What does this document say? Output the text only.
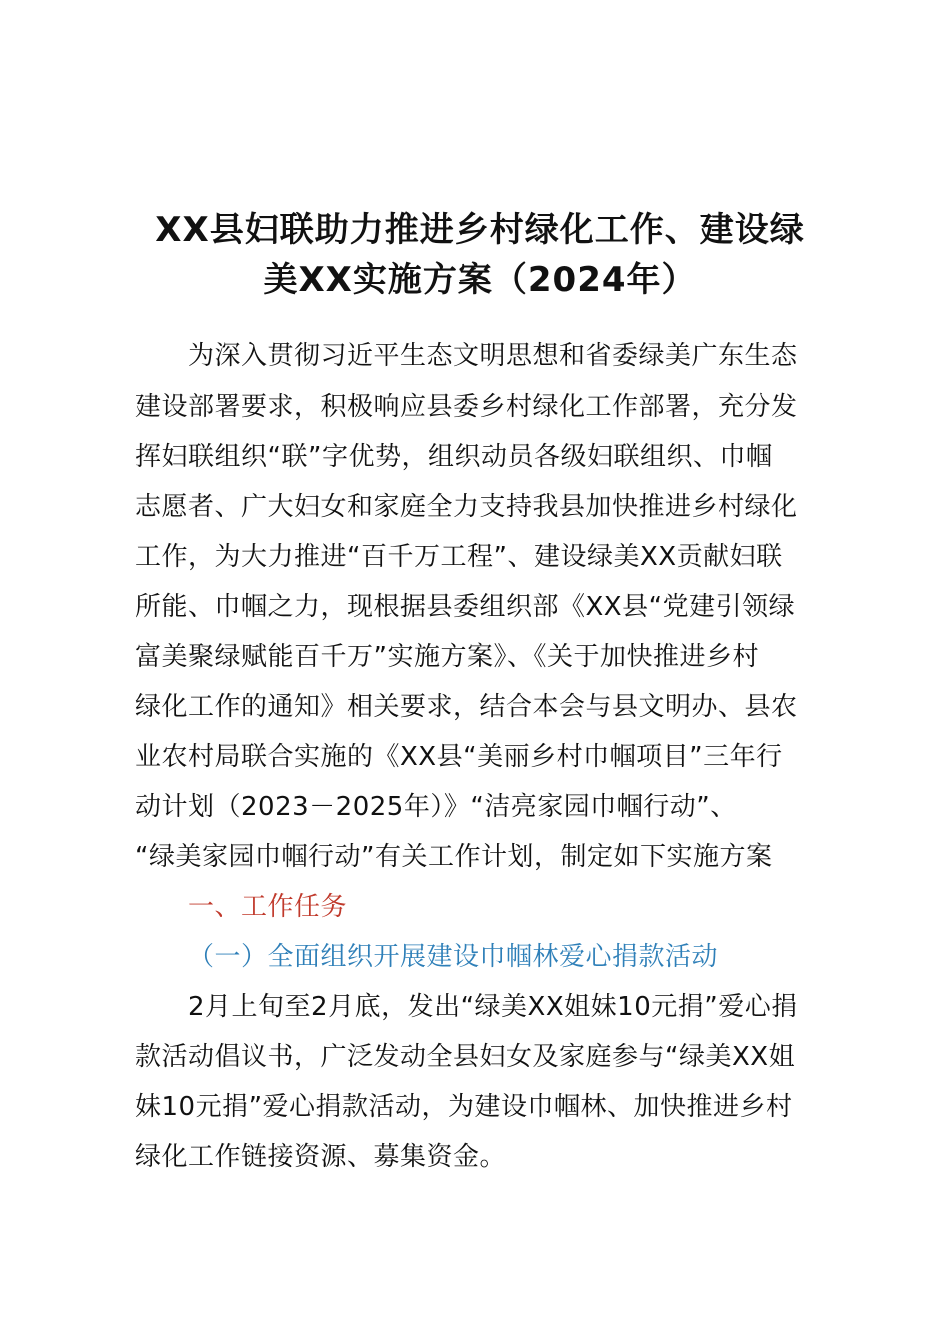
XX县妇联助力推进乡村绿化工作、建设绿
美XX实施方案（2024年）
为深入贯彻习近平生态文明思想和省委绿美广东生态
建设部署要求，积极响应县委乡村绿化工作部署，充分发
挥妇联组织“联”字优势，组织动员各级妇联组织、巾帼
志愿者、广大妇女和家庭全力支持我县加快推进乡村绿化
工作，为大力推进“百千万工程”、建设绿美XX贡献妇联
所能、巾帼之力，现根据县委组织部《XX县“党建引领绿
富美聚绿赋能百千万”实施方案》、《关于加快推进乡村
绿化工作的通知》相关要求，结合本会与县文明办、县农
业农村局联合实施的《XX县“美丽乡村巾帼项目”三年行
动计划（2023－2025年）》“洁亮家园巾帼行动”、
“绿美家园巾帼行动”有关工作计划，制定如下实施方案
一、工作任务
（一）全面组织开展建设巾帼林爱心捐款活动
2月上旬至2月底，发出“绿美XX姐妹10元捐”爱心捐
款活动倡议书，广泛发动全县妇女及家庭参与“绿美XX姐
妹10元捐”爱心捐款活动，为建设巾帼林、加快推进乡村
绿化工作链接资源、募集资金。
